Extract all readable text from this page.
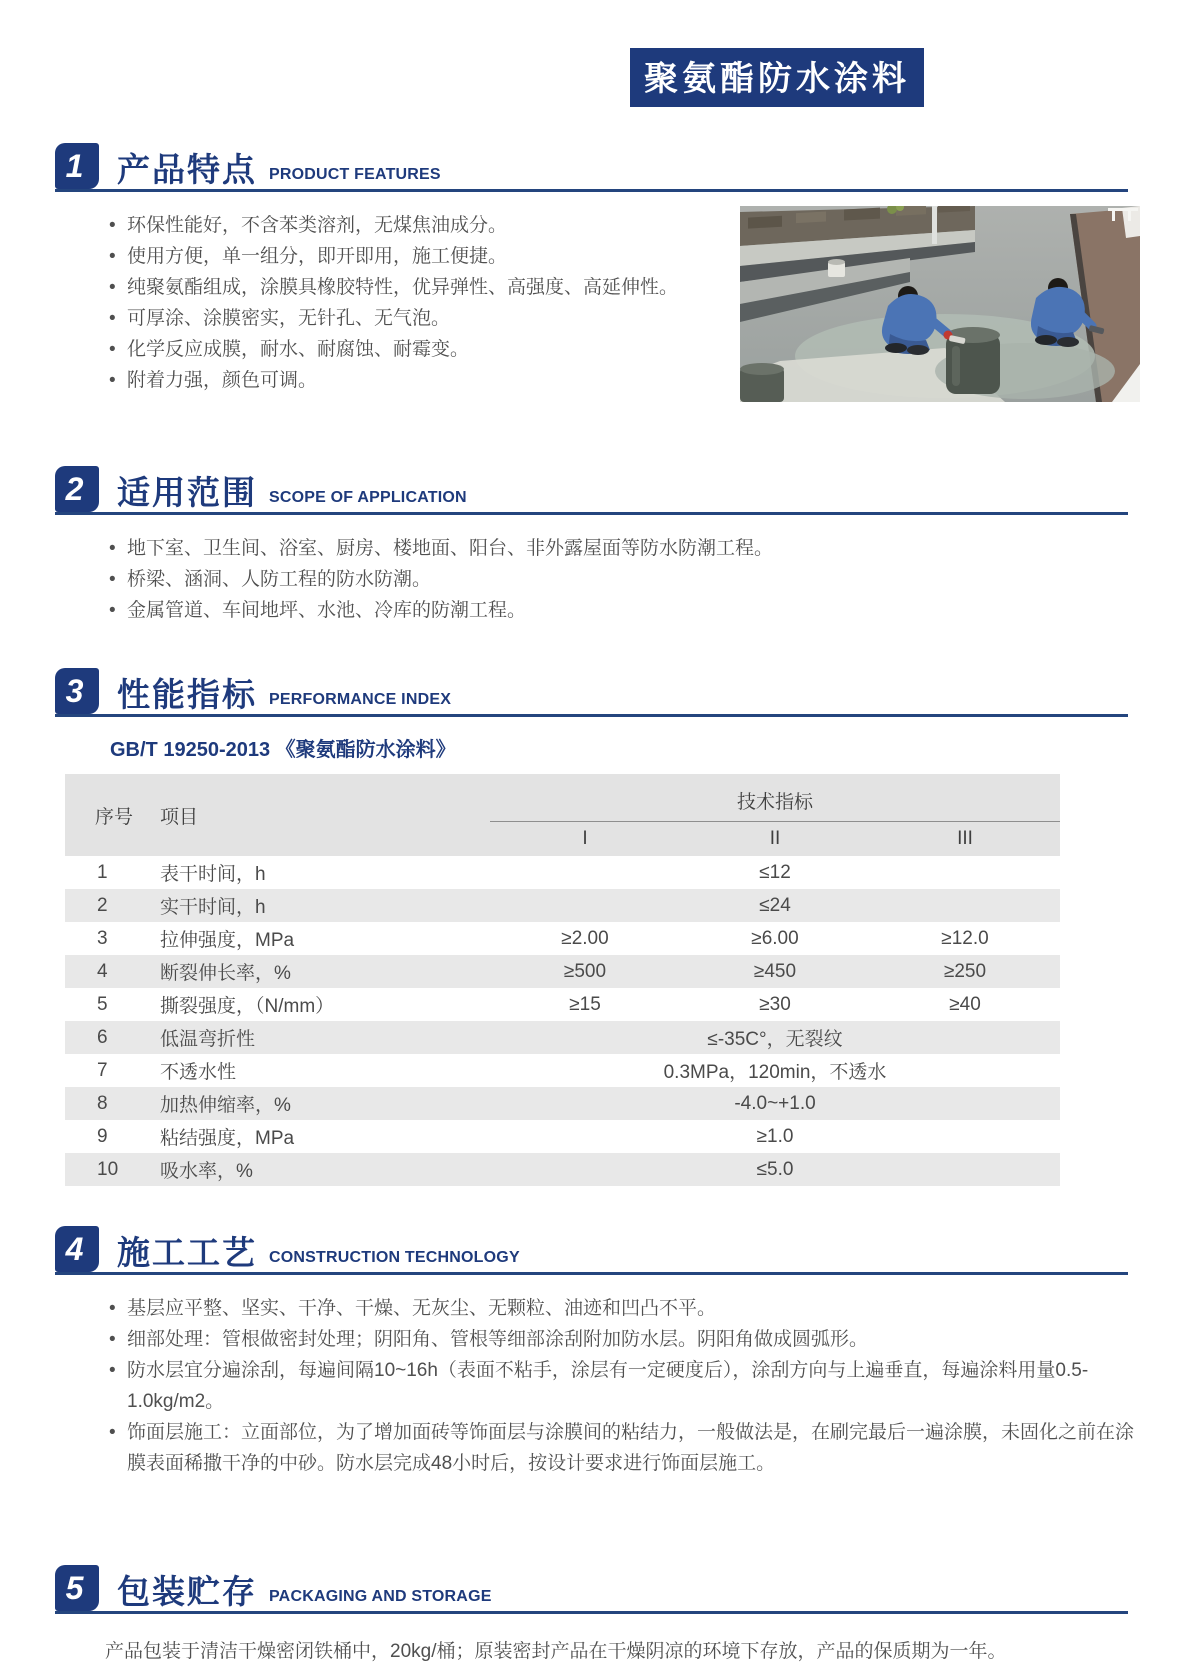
聚氨酯防水涂料
1	产品特点 PRODUCT FEATURES
• 环保性能好，不含苯类溶剂，无煤焦油成分。
• 使用方便，单一组分，即开即用，施工便捷。
• 纯聚氨酯组成，涂膜具橡胶特性，优异弹性、高强度、高延伸性。
• 可厚涂、涂膜密实，无针孔、无气泡。
• 化学反应成膜，耐水、耐腐蚀、耐霉变。
• 附着力强，颜色可调。
2	适用范围 SCOPE OF APPLICATION
• 地下室、卫生间、浴室、厨房、楼地面、阳台、非外露屋面等防水防潮工程。
• 桥梁、涵洞、人防工程的防水防潮。
• 金属管道、车间地坪、水池、冷库的防潮工程。
3	性能指标 PERFORMANCE INDEX
GB/T 19250-2013 《聚氨酯防水涂料》
序号	项目	技术指标		
		I	II	III
1	表干时间，h	≤12		
2	实干时间，h	≤24		
3	拉伸强度，MPa	≥2.00	≥6.00	≥12.0
4	断裂伸长率，%	≥500	≥450	≥250
5	撕裂强度，（N/mm）	≥15	≥30	≥40
6	低温弯折性	≤-35C°，无裂纹		
7	不透水性	0.3MPa，120min，不透水		
8	加热伸缩率，%	-4.0~+1.0		
9	粘结强度，MPa	≥1.0		
10	吸水率，%	≤5.0		
4	施工工艺 CONSTRUCTION TECHNOLOGY
• 基层应平整、坚实、干净、干燥、无灰尘、无颗粒、油迹和凹凸不平。
• 细部处理：管根做密封处理；阴阳角、管根等细部涂刮附加防水层。阴阳角做成圆弧形。
• 防水层宜分遍涂刮，每遍间隔10~16h（表面不粘手，涂层有一定硬度后），涂刮方向与上遍垂直，每遍涂料用量0.5-1.0kg/m2。
• 饰面层施工：立面部位，为了增加面砖等饰面层与涂膜间的粘结力，一般做法是，在刷完最后一遍涂膜，未固化之前在涂膜表面稀撒干净的中砂。防水层完成48小时后，按设计要求进行饰面层施工。
5	包装贮存 PACKAGING AND STORAGE

产品包装于清洁干燥密闭铁桶中，20kg/桶；原装密封产品在干燥阴凉的环境下存放，产品的保质期为一年。
